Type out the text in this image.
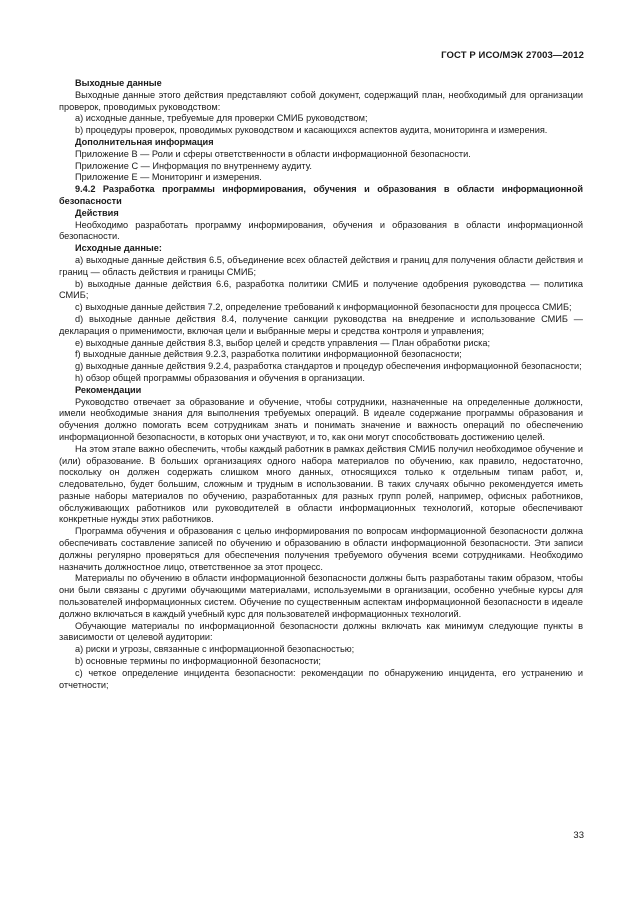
ГОСТ Р ИСО/МЭК 27003—2012

Выходные данные

Выходные данные этого действия представляют собой документ, содержащий план, необходимый для организации проверок, проводимых руководством:

а) исходные данные, требуемые для проверки СМИБ руководством;

b) процедуры проверок, проводимых руководством и касающихся аспектов аудита, мониторинга и измерения.

Дополнительная информация

Приложение В — Роли и сферы ответственности в области информационной безопасности.

Приложение С — Информация по внутреннему аудиту.

Приложение Е — Мониторинг и измерения.

9.4.2 Разработка программы информирования, обучения и образования в области информационной безопасности

Действия

Необходимо разработать программу информирования, обучения и образования в области информационной безопасности.

Исходные данные:

a) выходные данные действия 6.5, объединение всех областей действия и границ для получения области действия и границ — область действия и границы СМИБ;

b) выходные данные действия 6.6, разработка политики СМИБ и получение одобрения руководства — политика СМИБ;

c) выходные данные действия 7.2, определение требований к информационной безопасности для процесса СМИБ;

d) выходные данные действия 8.4, получение санкции руководства на внедрение и использование СМИБ — декларация о применимости, включая цели и выбранные меры и средства контроля и управления;

e) выходные данные действия 8.3, выбор целей и средств управления — План обработки риска;

f) выходные данные действия 9.2.3, разработка политики информационной безопасности;

g) выходные данные действия 9.2.4, разработка стандартов и процедур обеспечения информационной безопасности;

h) обзор общей программы образования и обучения в организации.

Рекомендации

Руководство отвечает за образование и обучение, чтобы сотрудники, назначенные на определенные должности, имели необходимые знания для выполнения требуемых операций. В идеале содержание программы образования и обучения должно помогать всем сотрудникам знать и понимать значение и важность операций по обеспечению информационной безопасности, в которых они участвуют, и то, как они могут способствовать достижению целей.

На этом этапе важно обеспечить, чтобы каждый работник в рамках действия СМИБ получил необходимое обучение и (или) образование. В больших организациях одного набора материалов по обучению, как правило, недостаточно, поскольку он должен содержать слишком много данных, относящихся только к отдельным типам работ, и, следовательно, будет большим, сложным и трудным в использовании. В таких случаях обычно рекомендуется иметь разные наборы материалов по обучению, разработанных для разных групп ролей, например, офисных работников, обслуживающих работников или руководителей в области информационных технологий, которые обеспечивают конкретные нужды этих работников.

Программа обучения и образования с целью информирования по вопросам информационной безопасности должна обеспечивать составление записей по обучению и образованию в области информационной безопасности. Эти записи должны регулярно проверяться для обеспечения получения требуемого обучения всеми сотрудниками. Необходимо назначить должностное лицо, ответственное за этот процесс.

Материалы по обучению в области информационной безопасности должны быть разработаны таким образом, чтобы они были связаны с другими обучающими материалами, используемыми в организации, особенно учебные курсы для пользователей информационных систем. Обучение по существенным аспектам информационной безопасности в идеале должно включаться в каждый учебный курс для пользователей информационных технологий.

Обучающие материалы по информационной безопасности должны включать как минимум следующие пункты в зависимости от целевой аудитории:

a) риски и угрозы, связанные с информационной безопасностью;

b) основные термины по информационной безопасности;

c) четкое определение инцидента безопасности: рекомендации по обнаружению инцидента, его устранению и отчетности;

33
